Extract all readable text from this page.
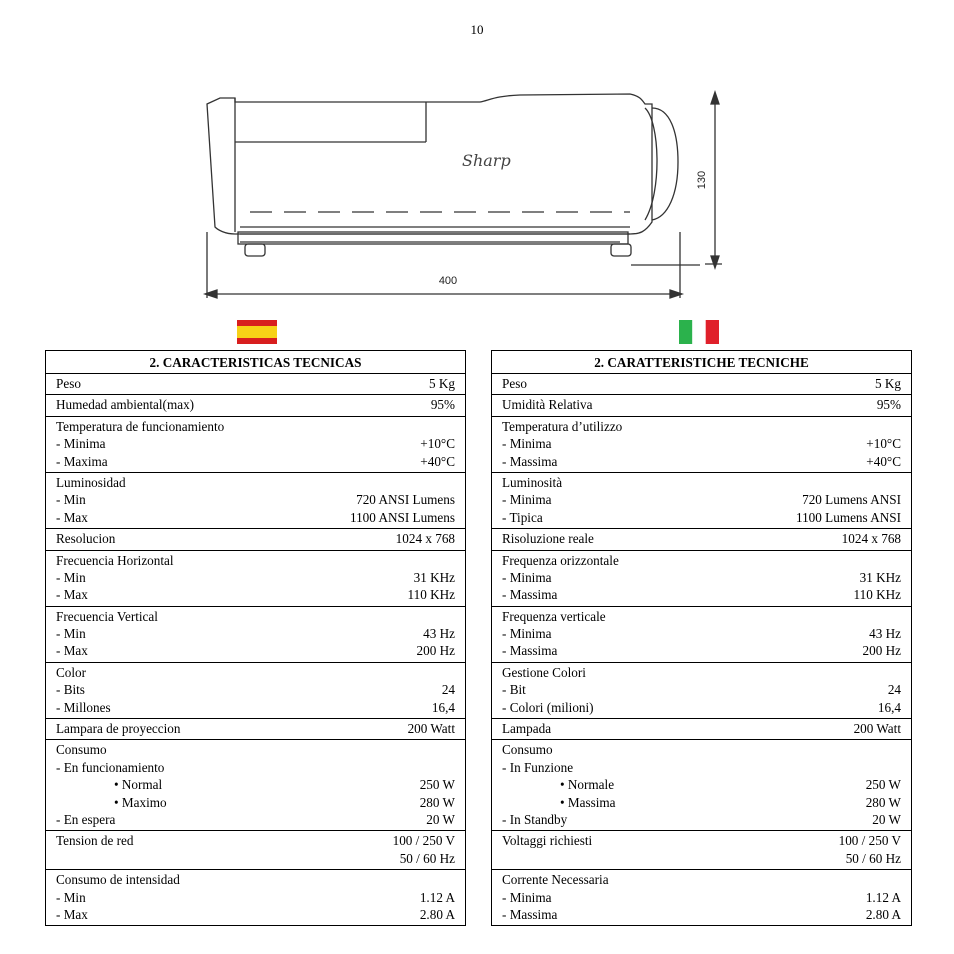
10
Sharp
130
400
2. CARACTERISTICAS TECNICAS
Peso	5 Kg
Humedad ambiental(max)	95%
Temperatura de funcionamiento
- Minima	+10°C
- Maxima	+40°C
Luminosidad
- Min	720 ANSI Lumens
- Max	1100 ANSI Lumens
Resolucion	1024 x 768
Frecuencia Horizontal
- Min	31 KHz
- Max	110 KHz
Frecuencia Vertical
- Min	43 Hz
- Max	200 Hz
Color
- Bits	24
- Millones	16,4
Lampara de proyeccion	200 Watt
Consumo
- En funcionamiento
• Normal	250 W
• Maximo	280 W
- En espera	20 W
Tension de red	100 / 250 V
50 / 60 Hz
Consumo de intensidad
- Min	1.12 A
- Max	2.80 A
2. CARATTERISTICHE TECNICHE
Peso	5 Kg
Umidità Relativa	95%
Temperatura d’utilizzo
- Minima	+10°C
- Massima	+40°C
Luminosità
- Minima	720 Lumens ANSI
- Tipica	1100 Lumens ANSI
Risoluzione reale	1024 x 768
Frequenza orizzontale
- Minima	31 KHz
- Massima	110 KHz
Frequenza verticale
- Minima	43 Hz
- Massima	200 Hz
Gestione Colori
- Bit	24
- Colori (milioni)	16,4
Lampada	200 Watt
Consumo
- In Funzione
• Normale	250 W
• Massima	280 W
- In Standby	20 W
Voltaggi richiesti	100 / 250 V
50 / 60 Hz
Corrente Necessaria
- Minima	1.12 A
- Massima	2.80 A
